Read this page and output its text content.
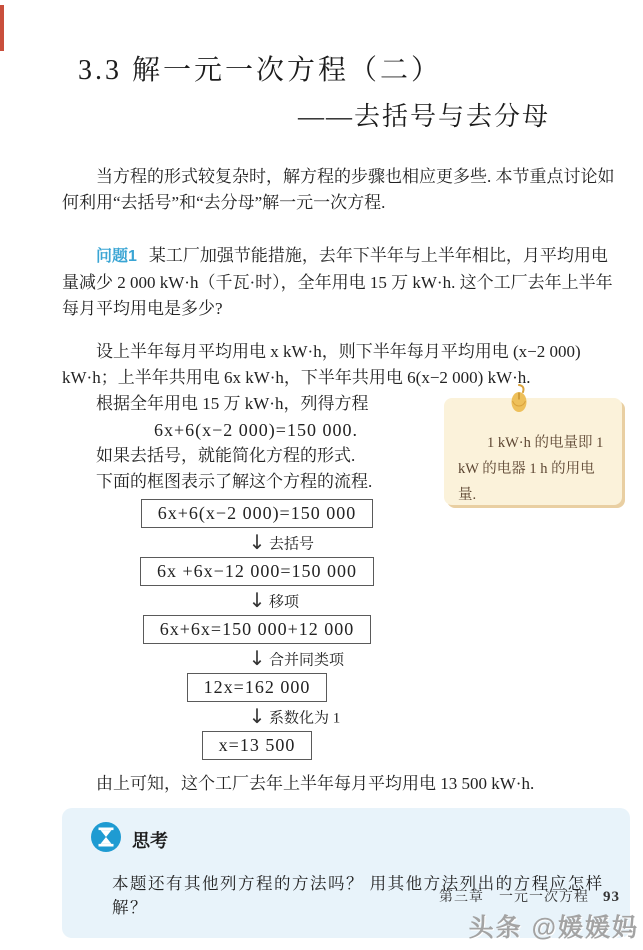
3.3 解一元一次方程（二）
——去括号与去分母

当方程的形式较复杂时，解方程的步骤也相应更多些. 本节重点讨论如何利用“去括号”和“去分母”解一元一次方程.

问题1 某工厂加强节能措施，去年下半年与上半年相比，月平均用电量减少 2 000 kW·h（千瓦·时），全年用电 15 万 kW·h. 这个工厂去年上半年每月平均用电是多少?

设上半年每月平均用电 x kW·h，则下半年每月平均用电 (x−2 000) kW·h；上半年共用电 6x kW·h，下半年共用电 6(x−2 000) kW·h.

根据全年用电 15 万 kW·h，列得方程

6x+6(x−2 000)=150 000.

如果去括号，就能简化方程的形式.

下面的框图表示了解这个方程的流程.

1 kW·h 的电量即 1 kW 的电器 1 h 的用电量.

6x+6(x−2 000)=150 000
↓ 去括号
6x +6x−12 000=150 000
↓ 移项
6x+6x=150 000+12 000
↓ 合并同类项
12x=162 000
↓ 系数化为 1
x=13 500

由上可知，这个工厂去年上半年每月平均用电 13 500 kW·h.

思考

本题还有其他列方程的方法吗？ 用其他方法列出的方程应怎样解？

第三章　一元一次方程 93
头条 @媛媛妈
